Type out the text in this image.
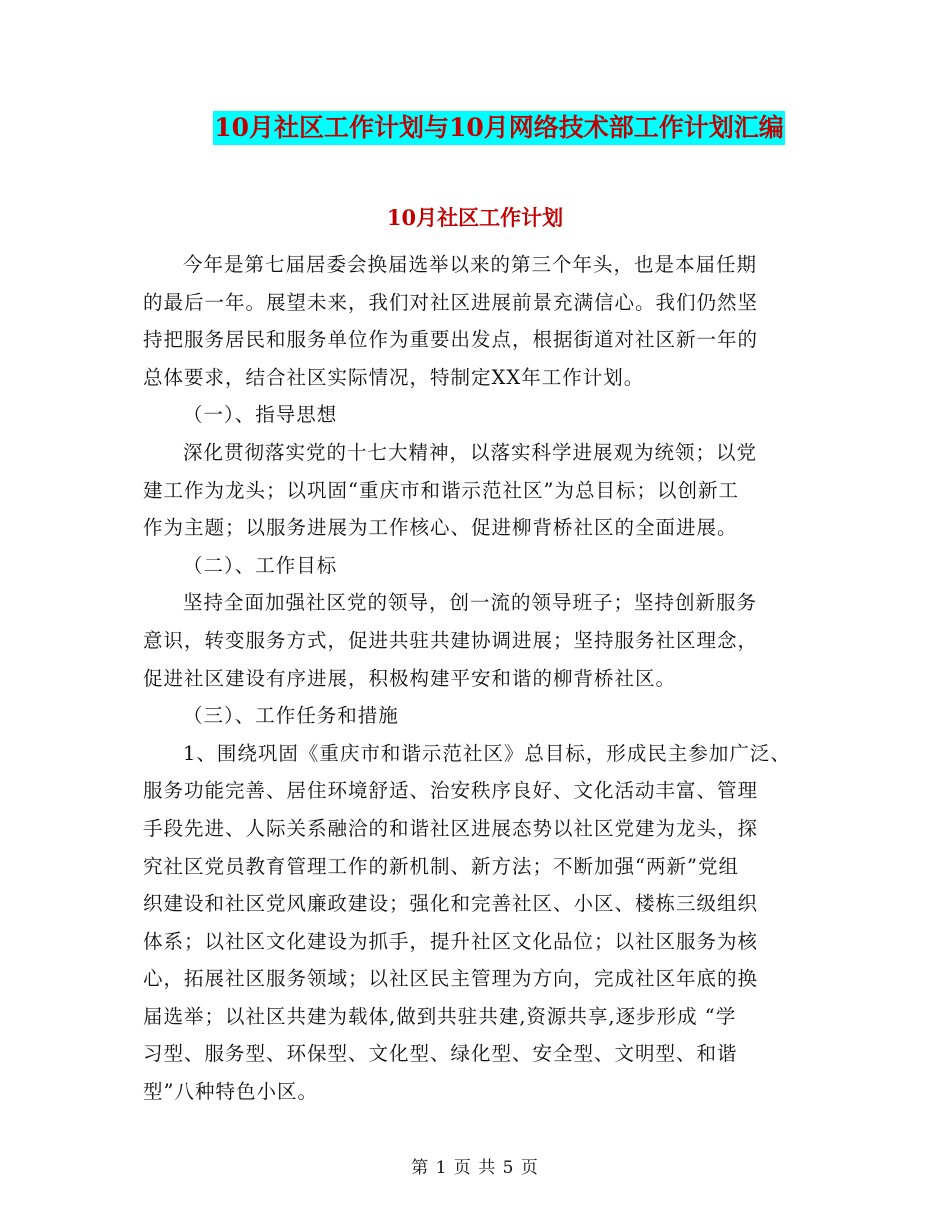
10月社区工作计划与10月网络技术部工作计划汇编
10月社区工作计划
今年是第七届居委会换届选举以来的第三个年头，也是本届任期
的最后一年。展望未来，我们对社区进展前景充满信心。我们仍然坚
持把服务居民和服务单位作为重要出发点，根据街道对社区新一年的
总体要求，结合社区实际情况，特制定XX年工作计划。
（一）、指导思想
深化贯彻落实党的十七大精神，以落实科学进展观为统领；以党
建工作为龙头；以巩固“重庆市和谐示范社区”为总目标；以创新工
作为主题；以服务进展为工作核心、促进柳背桥社区的全面进展。
（二）、工作目标
坚持全面加强社区党的领导，创一流的领导班子；坚持创新服务
意识，转变服务方式，促进共驻共建协调进展；坚持服务社区理念，
促进社区建设有序进展，积极构建平安和谐的柳背桥社区。
（三）、工作任务和措施
1、围绕巩固《重庆市和谐示范社区》总目标，形成民主参加广泛、
服务功能完善、居住环境舒适、治安秩序良好、文化活动丰富、管理
手段先进、人际关系融洽的和谐社区进展态势以社区党建为龙头，探
究社区党员教育管理工作的新机制、新方法；不断加强“两新”党组
织建设和社区党风廉政建设；强化和完善社区、小区、楼栋三级组织
体系；以社区文化建设为抓手，提升社区文化品位；以社区服务为核
心，拓展社区服务领域；以社区民主管理为方向，完成社区年底的换
届选举；以社区共建为载体,做到共驻共建,资源共享,逐步形成 “学
习型、服务型、环保型、文化型、绿化型、安全型、文明型、和谐
型”八种特色小区。
第 1 页 共 5 页
